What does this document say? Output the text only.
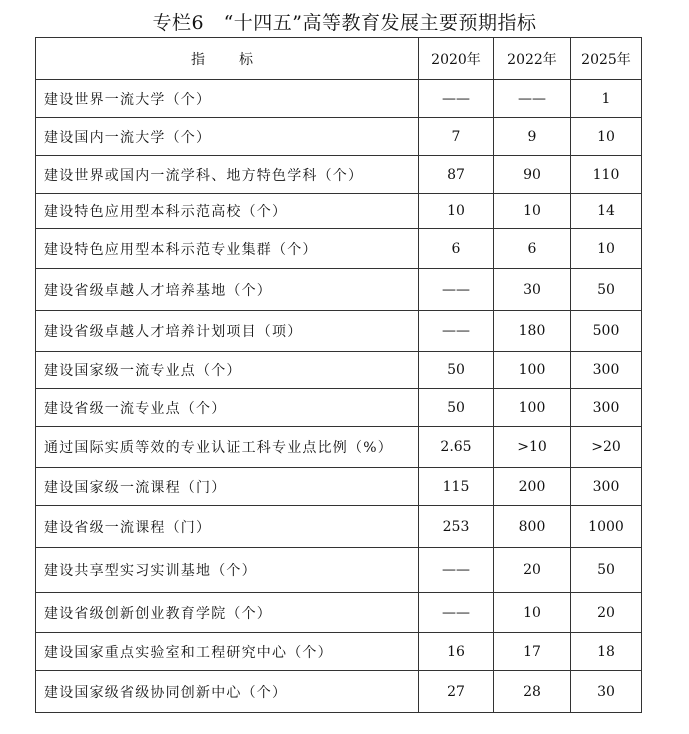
专栏6　“十四五”高等教育发展主要预期指标
指　标	2020年	2022年	2025年
建设世界一流大学（个）	——	——	1
建设国内一流大学（个）	7	9	10
建设世界或国内一流学科、地方特色学科（个）	87	90	110
建设特色应用型本科示范高校（个）	10	10	14
建设特色应用型本科示范专业集群（个）	6	6	10
建设省级卓越人才培养基地（个）	——	30	50
建设省级卓越人才培养计划项目（项）	——	180	500
建设国家级一流专业点（个）	50	100	300
建设省级一流专业点（个）	50	100	300
通过国际实质等效的专业认证工科专业点比例（%）	2.65	>10	>20
建设国家级一流课程（门）	115	200	300
建设省级一流课程（门）	253	800	1000
建设共享型实习实训基地（个）	——	20	50
建设省级创新创业教育学院（个）	——	10	20
建设国家重点实验室和工程研究中心（个）	16	17	18
建设国家级省级协同创新中心（个）	27	28	30
